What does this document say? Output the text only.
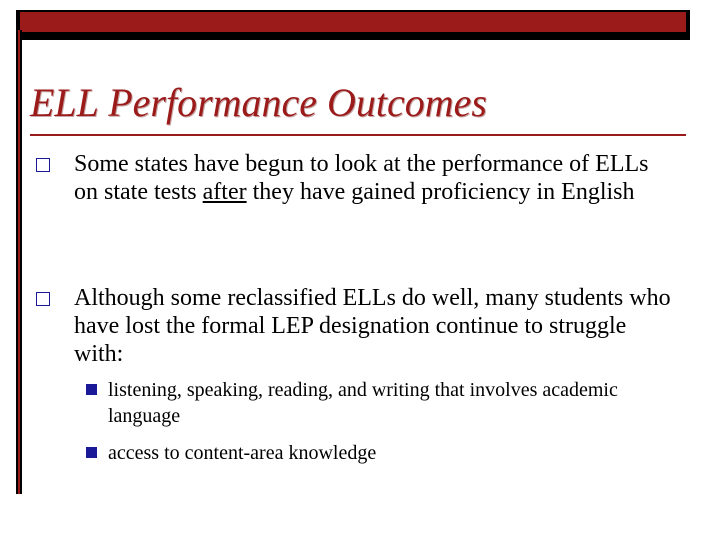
ELL Performance Outcomes
Some states have begun to look at the performance of ELLs on state tests after they have gained proficiency in English
Although some reclassified ELLs do well, many students who have lost the formal LEP designation continue to struggle with:
listening, speaking, reading, and writing that involves academic language
access to content-area knowledge
